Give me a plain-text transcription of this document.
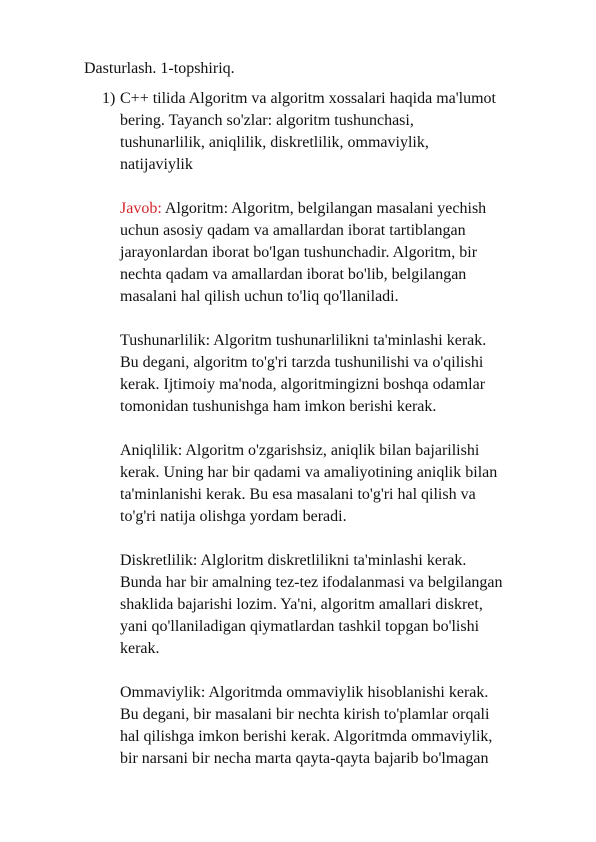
Dasturlash. 1-topshiriq.
1) C++ tilida Algoritm va algoritm xossalari haqida ma'lumot
bering. Tayanch so'zlar: algoritm tushunchasi,
tushunarlilik, aniqlilik, diskretlilik, ommaviylik,
natijaviylik

Javob: Algoritm: Algoritm, belgilangan masalani yechish
uchun asosiy qadam va amallardan iborat tartiblangan
jarayonlardan iborat bo'lgan tushunchadir. Algoritm, bir
nechta qadam va amallardan iborat bo'lib, belgilangan
masalani hal qilish uchun to'liq qo'llaniladi.

Tushunarlilik: Algoritm tushunarlilikni ta'minlashi kerak.
Bu degani, algoritm to'g'ri tarzda tushunilishi va o'qilishi
kerak. Ijtimoiy ma'noda, algoritmingizni boshqa odamlar
tomonidan tushunishga ham imkon berishi kerak.

Aniqlilik: Algoritm o'zgarishsiz, aniqlik bilan bajarilishi
kerak. Uning har bir qadami va amaliyotining aniqlik bilan
ta'minlanishi kerak. Bu esa masalani to'g'ri hal qilish va
to'g'ri natija olishga yordam beradi.

Diskretlilik: Algloritm diskretlilikni ta'minlashi kerak.
Bunda har bir amalning tez-tez ifodalanmasi va belgilangan
shaklida bajarishi lozim. Ya'ni, algoritm amallari diskret,
yani qo'llaniladigan qiymatlardan tashkil topgan bo'lishi
kerak.

Ommaviylik: Algoritmda ommaviylik hisoblanishi kerak.
Bu degani, bir masalani bir nechta kirish to'plamlar orqali
hal qilishga imkon berishi kerak. Algoritmda ommaviylik,
bir narsani bir necha marta qayta-qayta bajarib bo'lmagan
